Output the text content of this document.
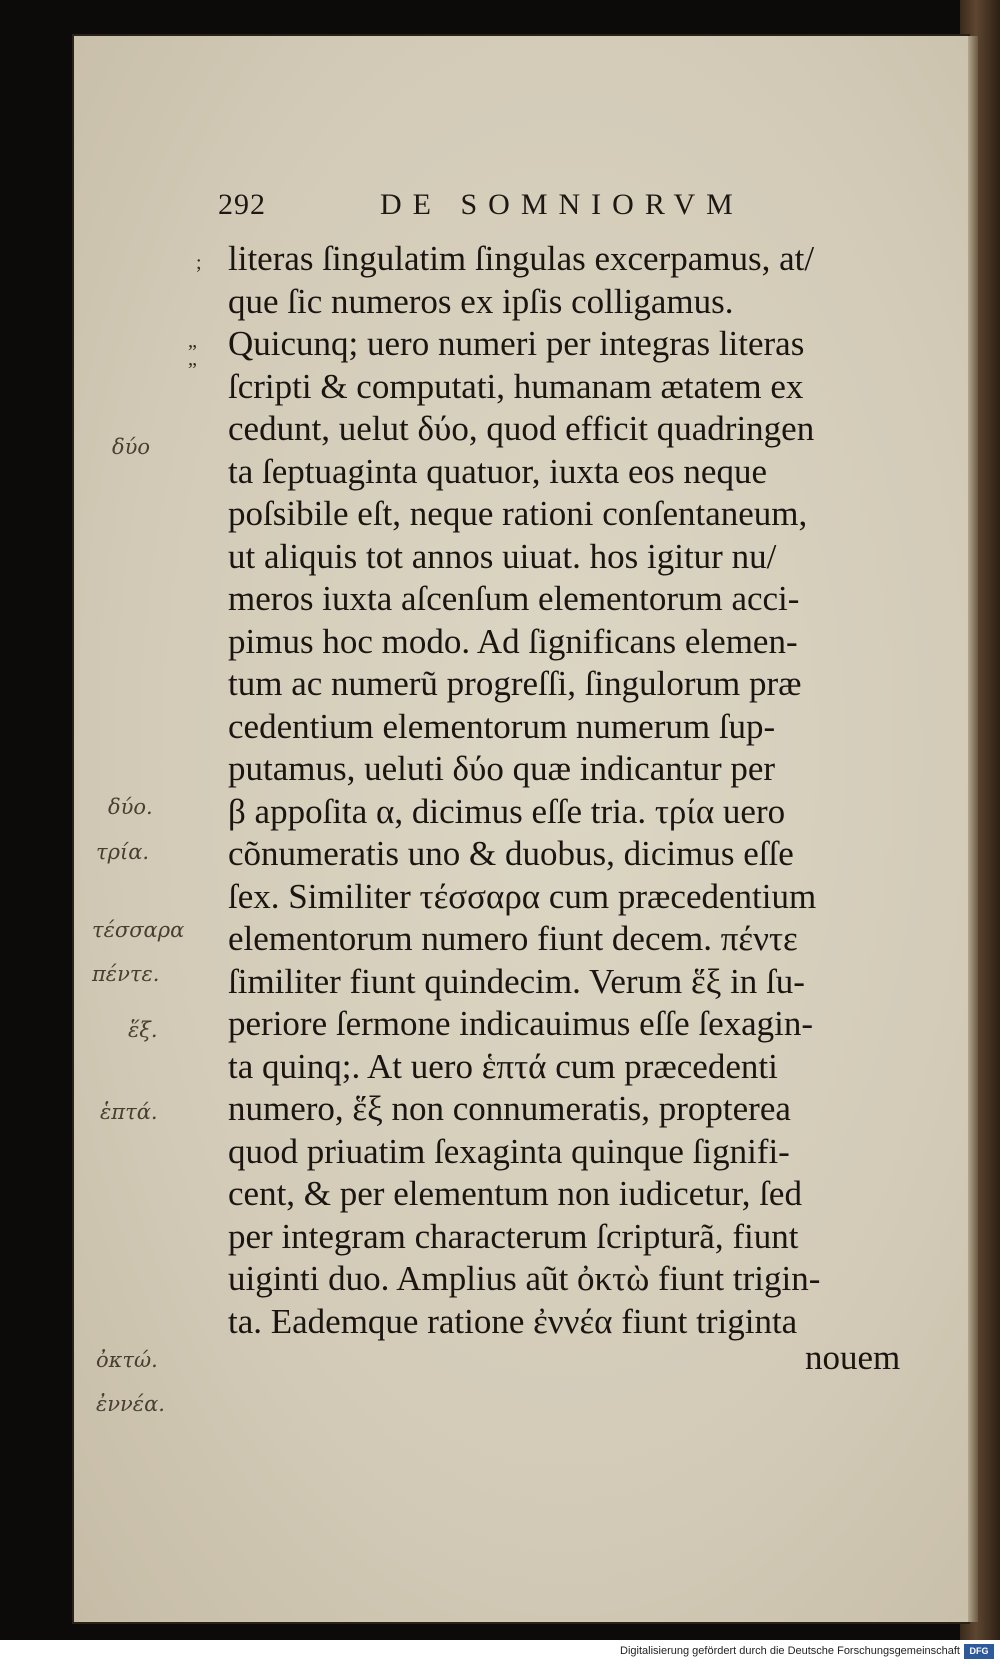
292	DE SOMNIORVM
literas ſingulatim ſingulas excerpamus, at/
que ſic numeros ex ipſis colligamus.
Quicunq; uero numeri per integras literas
ſcripti & computati, humanam ætatem ex
cedunt, uelut δύο, quod efficit quadringen
ta ſeptuaginta quatuor, iuxta eos neque
poſsibile eſt, neque rationi conſentaneum,
ut aliquis tot annos uiuat. hos igitur nu/
meros iuxta aſcenſum elementorum acci-
pimus hoc modo. Ad ſignificans elemen-
tum ac numerũ progreſſi, ſingulorum præ
cedentium elementorum numerum ſup-
putamus, ueluti δύο quæ indicantur per
β appoſita α, dicimus eſſe tria. τρία uero
cõnumeratis uno & duobus, dicimus eſſe
ſex. Similiter τέσσαρα cum præcedentium
elementorum numero fiunt decem. πέντε
ſimiliter fiunt quindecim. Verum ἕξ in ſu-
periore ſermone indicauimus eſſe ſexagin-
ta quinq;. At uero ἑπτά cum præcedenti
numero, ἕξ non connumeratis, propterea
quod priuatim ſexaginta quinque ſignifi-
cent, & per elementum non iudicetur, ſed
per integram characterum ſcripturã, fiunt
uiginti duo. Amplius aũt ὀκτὼ fiunt trigin-
ta. Eademque ratione ἐννέα fiunt triginta
nouem
;
„
„
δύο
δύο.
τρία.
τέσσαρα
πέντε.
ἕξ.
ἑπτά.
ὀκτώ.
ἐννέα.
Digitalisierung gefördert durch die Deutsche Forschungsgemeinschaft	DFG
